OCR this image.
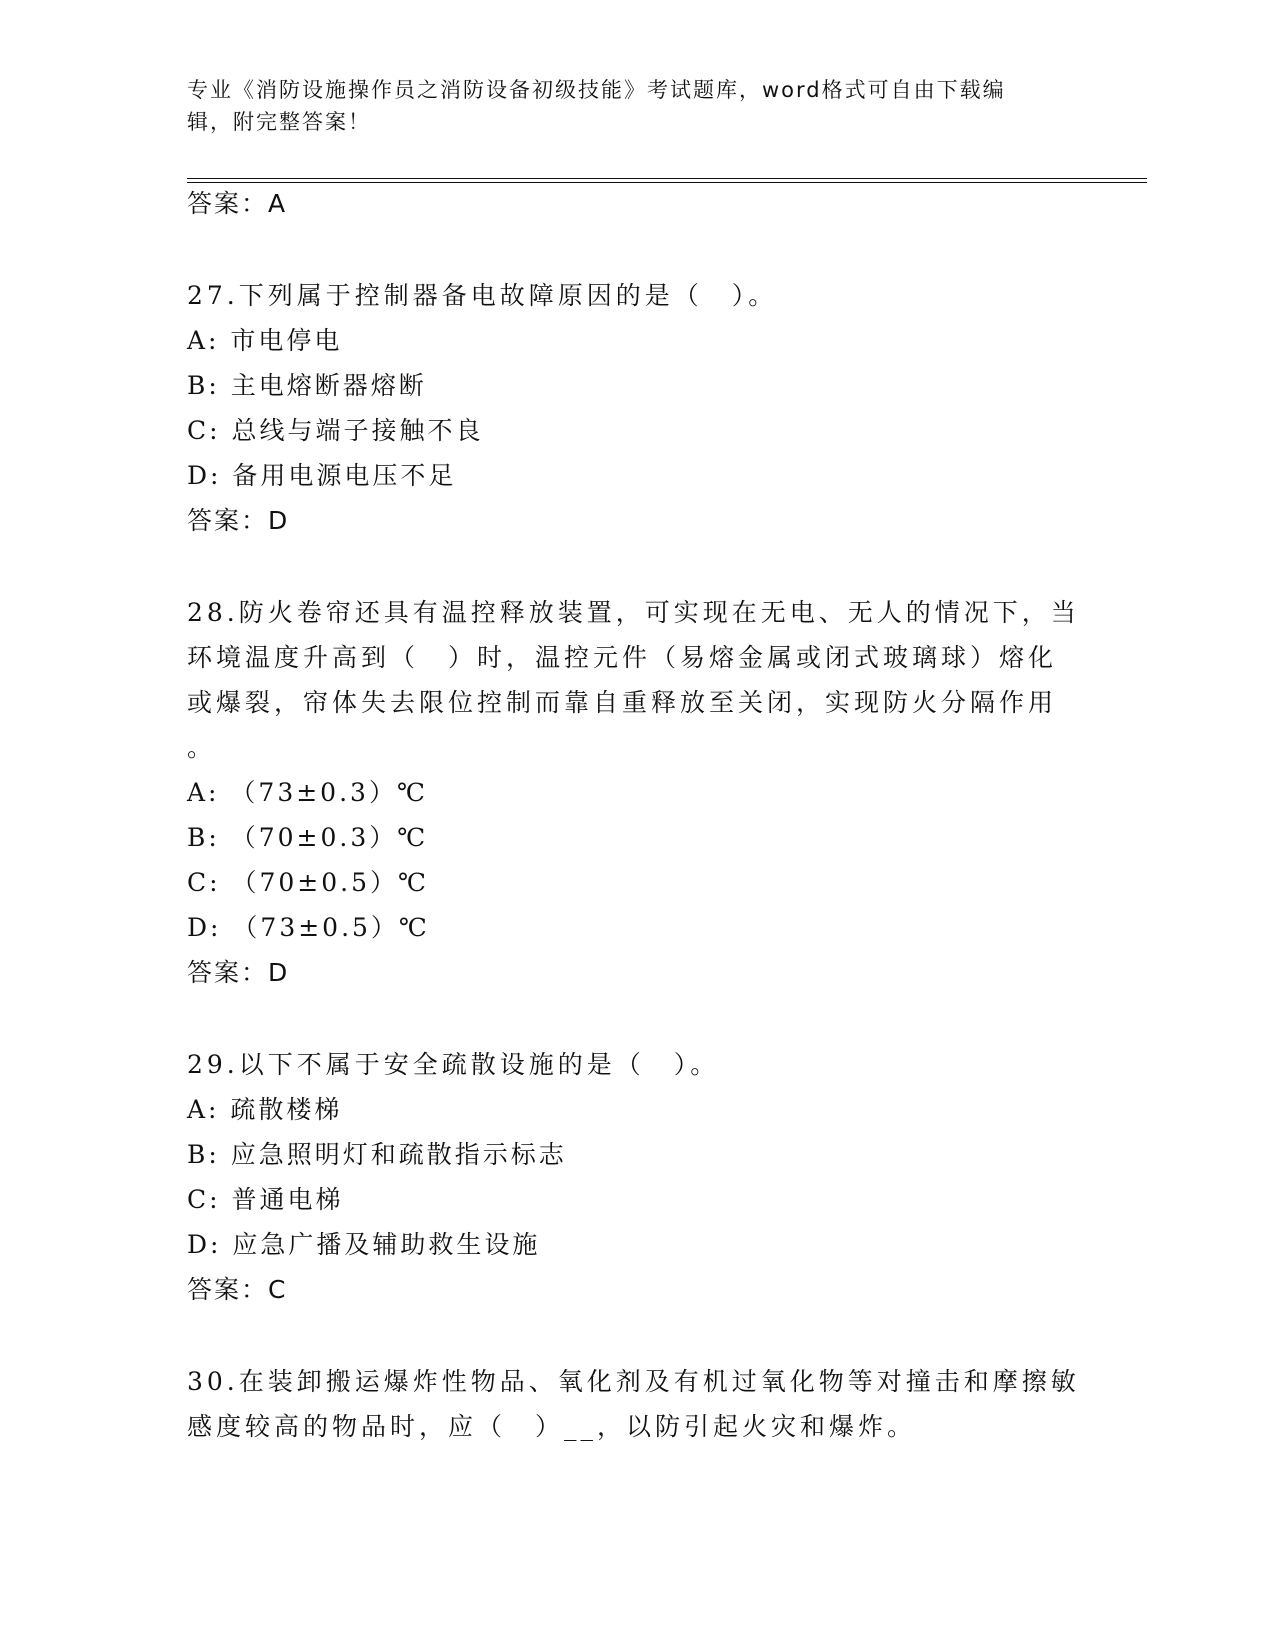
专业《消防设施操作员之消防设备初级技能》考试题库，word格式可自由下载编
辑，附完整答案！
答案：A
27.下列属于控制器备电故障原因的是（　）。
A: 市电停电
B: 主电熔断器熔断
C: 总线与端子接触不良
D: 备用电源电压不足
答案：D
28.防火卷帘还具有温控释放装置，可实现在无电、无人的情况下，当
环境温度升高到（　）时，温控元件（易熔金属或闭式玻璃球）熔化
或爆裂，帘体失去限位控制而靠自重释放至关闭，实现防火分隔作用
。
A: （73±0.3）℃
B: （70±0.3）℃
C: （70±0.5）℃
D: （73±0.5）℃
答案：D
29.以下不属于安全疏散设施的是（　）。
A: 疏散楼梯
B: 应急照明灯和疏散指示标志
C: 普通电梯
D: 应急广播及辅助救生设施
答案：C
30.在装卸搬运爆炸性物品、氧化剂及有机过氧化物等对撞击和摩擦敏
感度较高的物品时，应（　）__，以防引起火灾和爆炸。
